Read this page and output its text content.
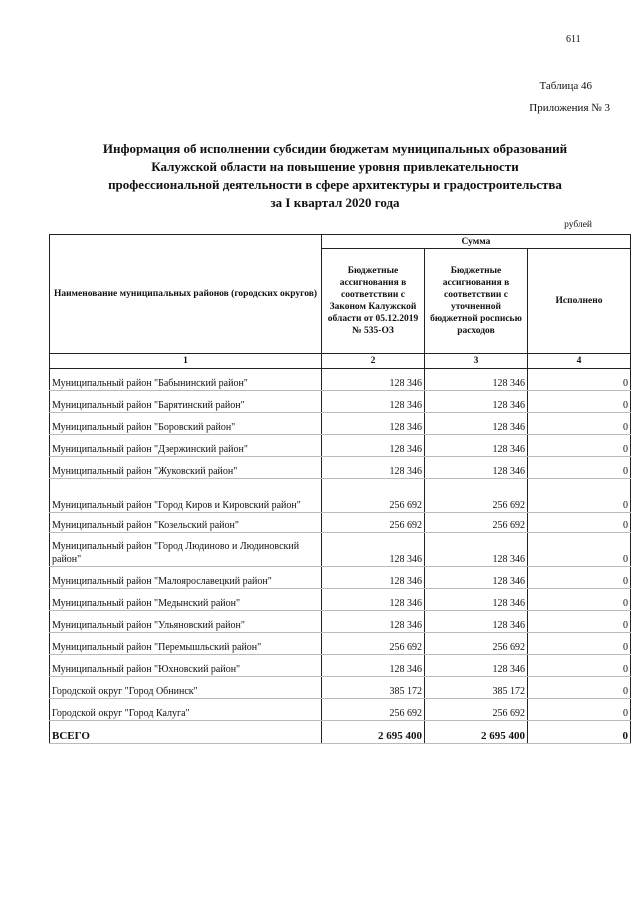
611
Таблица 46
Приложения № 3
Информация об исполнении субсидии бюджетам муниципальных образований
Калужской области на повышение уровня привлекательности
профессиональной деятельности в сфере архитектуры и градостроительства
за I квартал 2020 года
рублей
Наименование муниципальных районов (городских округов)	Сумма		
	Бюджетные ассигнования в соответствии с Законом Калужской области от 05.12.2019 № 535-ОЗ	Бюджетные ассигнования в соответствии с уточненной бюджетной росписью расходов	Исполнено
1	2	3	4
Муниципальный район "Бабынинский район"	128 346	128 346	0
Муниципальный район "Барятинский район"	128 346	128 346	0
Муниципальный район "Боровский район"	128 346	128 346	0
Муниципальный район "Дзержинский район"	128 346	128 346	0
Муниципальный район "Жуковский район"	128 346	128 346	0
Муниципальный район "Город Киров и Кировский район"	256 692	256 692	0
Муниципальный район "Козельский район"	256 692	256 692	0
Муниципальный район "Город Людиново и Людиновский район"	128 346	128 346	0
Муниципальный район "Малоярославецкий район"	128 346	128 346	0
Муниципальный район "Медынский район"	128 346	128 346	0
Муниципальный район "Ульяновский район"	128 346	128 346	0
Муниципальный район "Перемышльский район"	256 692	256 692	0
Муниципальный район "Юхновский район"	128 346	128 346	0
Городской округ "Город Обнинск"	385 172	385 172	0
Городской округ "Город Калуга"	256 692	256 692	0
ВСЕГО	2 695 400	2 695 400	0
